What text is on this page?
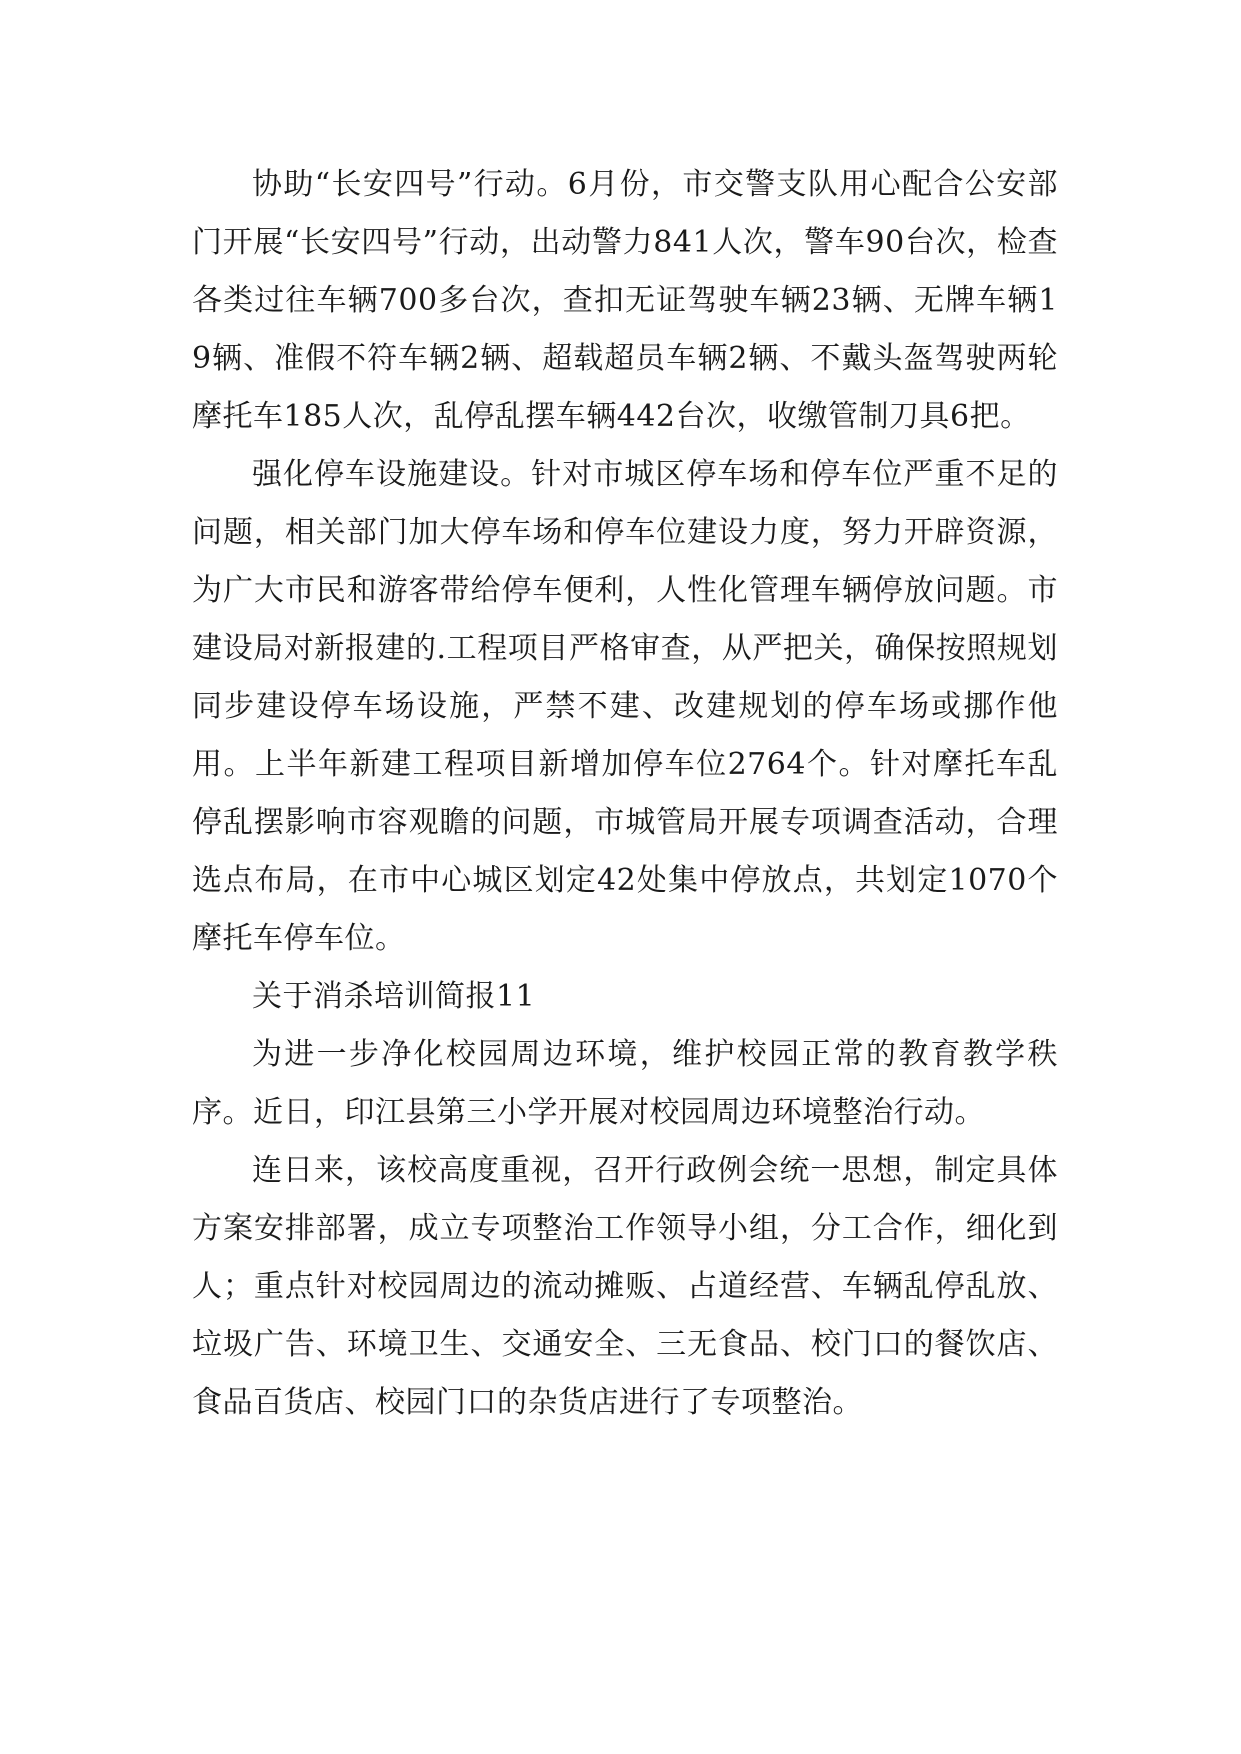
协助“长安四号”行动。6月份，市交警支队用心配合公安部门开展“长安四号”行动，出动警力841人次，警车90台次，检查各类过往车辆700多台次，查扣无证驾驶车辆23辆、无牌车辆19辆、准假不符车辆2辆、超载超员车辆2辆、不戴头盔驾驶两轮摩托车185人次，乱停乱摆车辆442台次，收缴管制刀具6把。

强化停车设施建设。针对市城区停车场和停车位严重不足的问题，相关部门加大停车场和停车位建设力度，努力开辟资源，为广大市民和游客带给停车便利，人性化管理车辆停放问题。市建设局对新报建的.工程项目严格审查，从严把关，确保按照规划同步建设停车场设施，严禁不建、改建规划的停车场或挪作他用。上半年新建工程项目新增加停车位2764个。针对摩托车乱停乱摆影响市容观瞻的问题，市城管局开展专项调查活动，合理选点布局，在市中心城区划定42处集中停放点，共划定1070个摩托车停车位。

关于消杀培训简报11

为进一步净化校园周边环境，维护校园正常的教育教学秩序。近日，印江县第三小学开展对校园周边环境整治行动。

连日来，该校高度重视，召开行政例会统一思想，制定具体方案安排部署，成立专项整治工作领导小组，分工合作，细化到人；重点针对校园周边的流动摊贩、占道经营、车辆乱停乱放、垃圾广告、环境卫生、交通安全、三无食品、校门口的餐饮店、食品百货店、校园门口的杂货店进行了专项整治。
